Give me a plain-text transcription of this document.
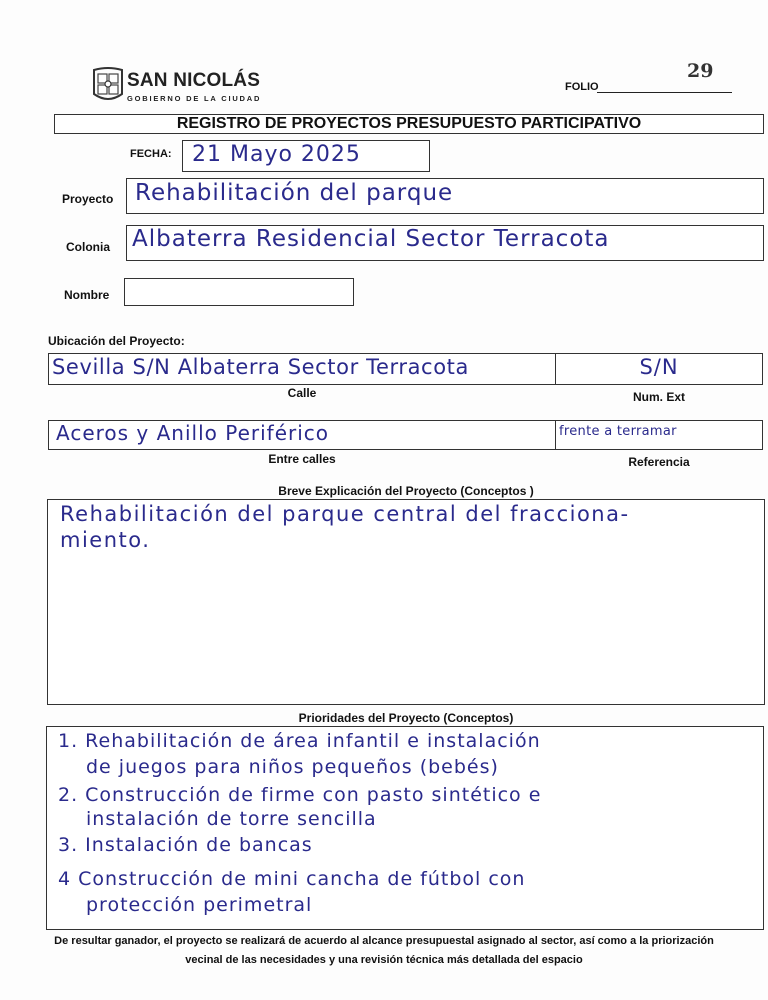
SAN NICOLÁS
GOBIERNO DE LA CIUDAD
FOLIO
29
REGISTRO DE PROYECTOS PRESUPUESTO PARTICIPATIVO
FECHA: 21 Mayo 2025
Proyecto Rehabilitación del parque
Colonia Albaterra Residencial Sector Terracota
Nombre
Ubicación del Proyecto:
Sevilla S/N Albaterra Sector Terracota	S/N
Calle	Num. Ext
Aceros y Anillo Periférico	frente a terramar
Entre calles	Referencia
Breve Explicación del Proyecto (Conceptos )
Rehabilitación del parque central del fracciona-
miento.
Prioridades del Proyecto (Conceptos)
1. Rehabilitación de área infantil e instalación
de juegos para niños pequeños (bebés)
2. Construcción de firme con pasto sintético e
instalación de torre sencilla
3. Instalación de bancas
4 Construcción de mini cancha de fútbol con
protección perimetral
De resultar ganador, el proyecto se realizará de acuerdo al alcance presupuestal asignado al sector, así como a la priorización
vecinal de las necesidades y una revisión técnica más detallada del espacio
